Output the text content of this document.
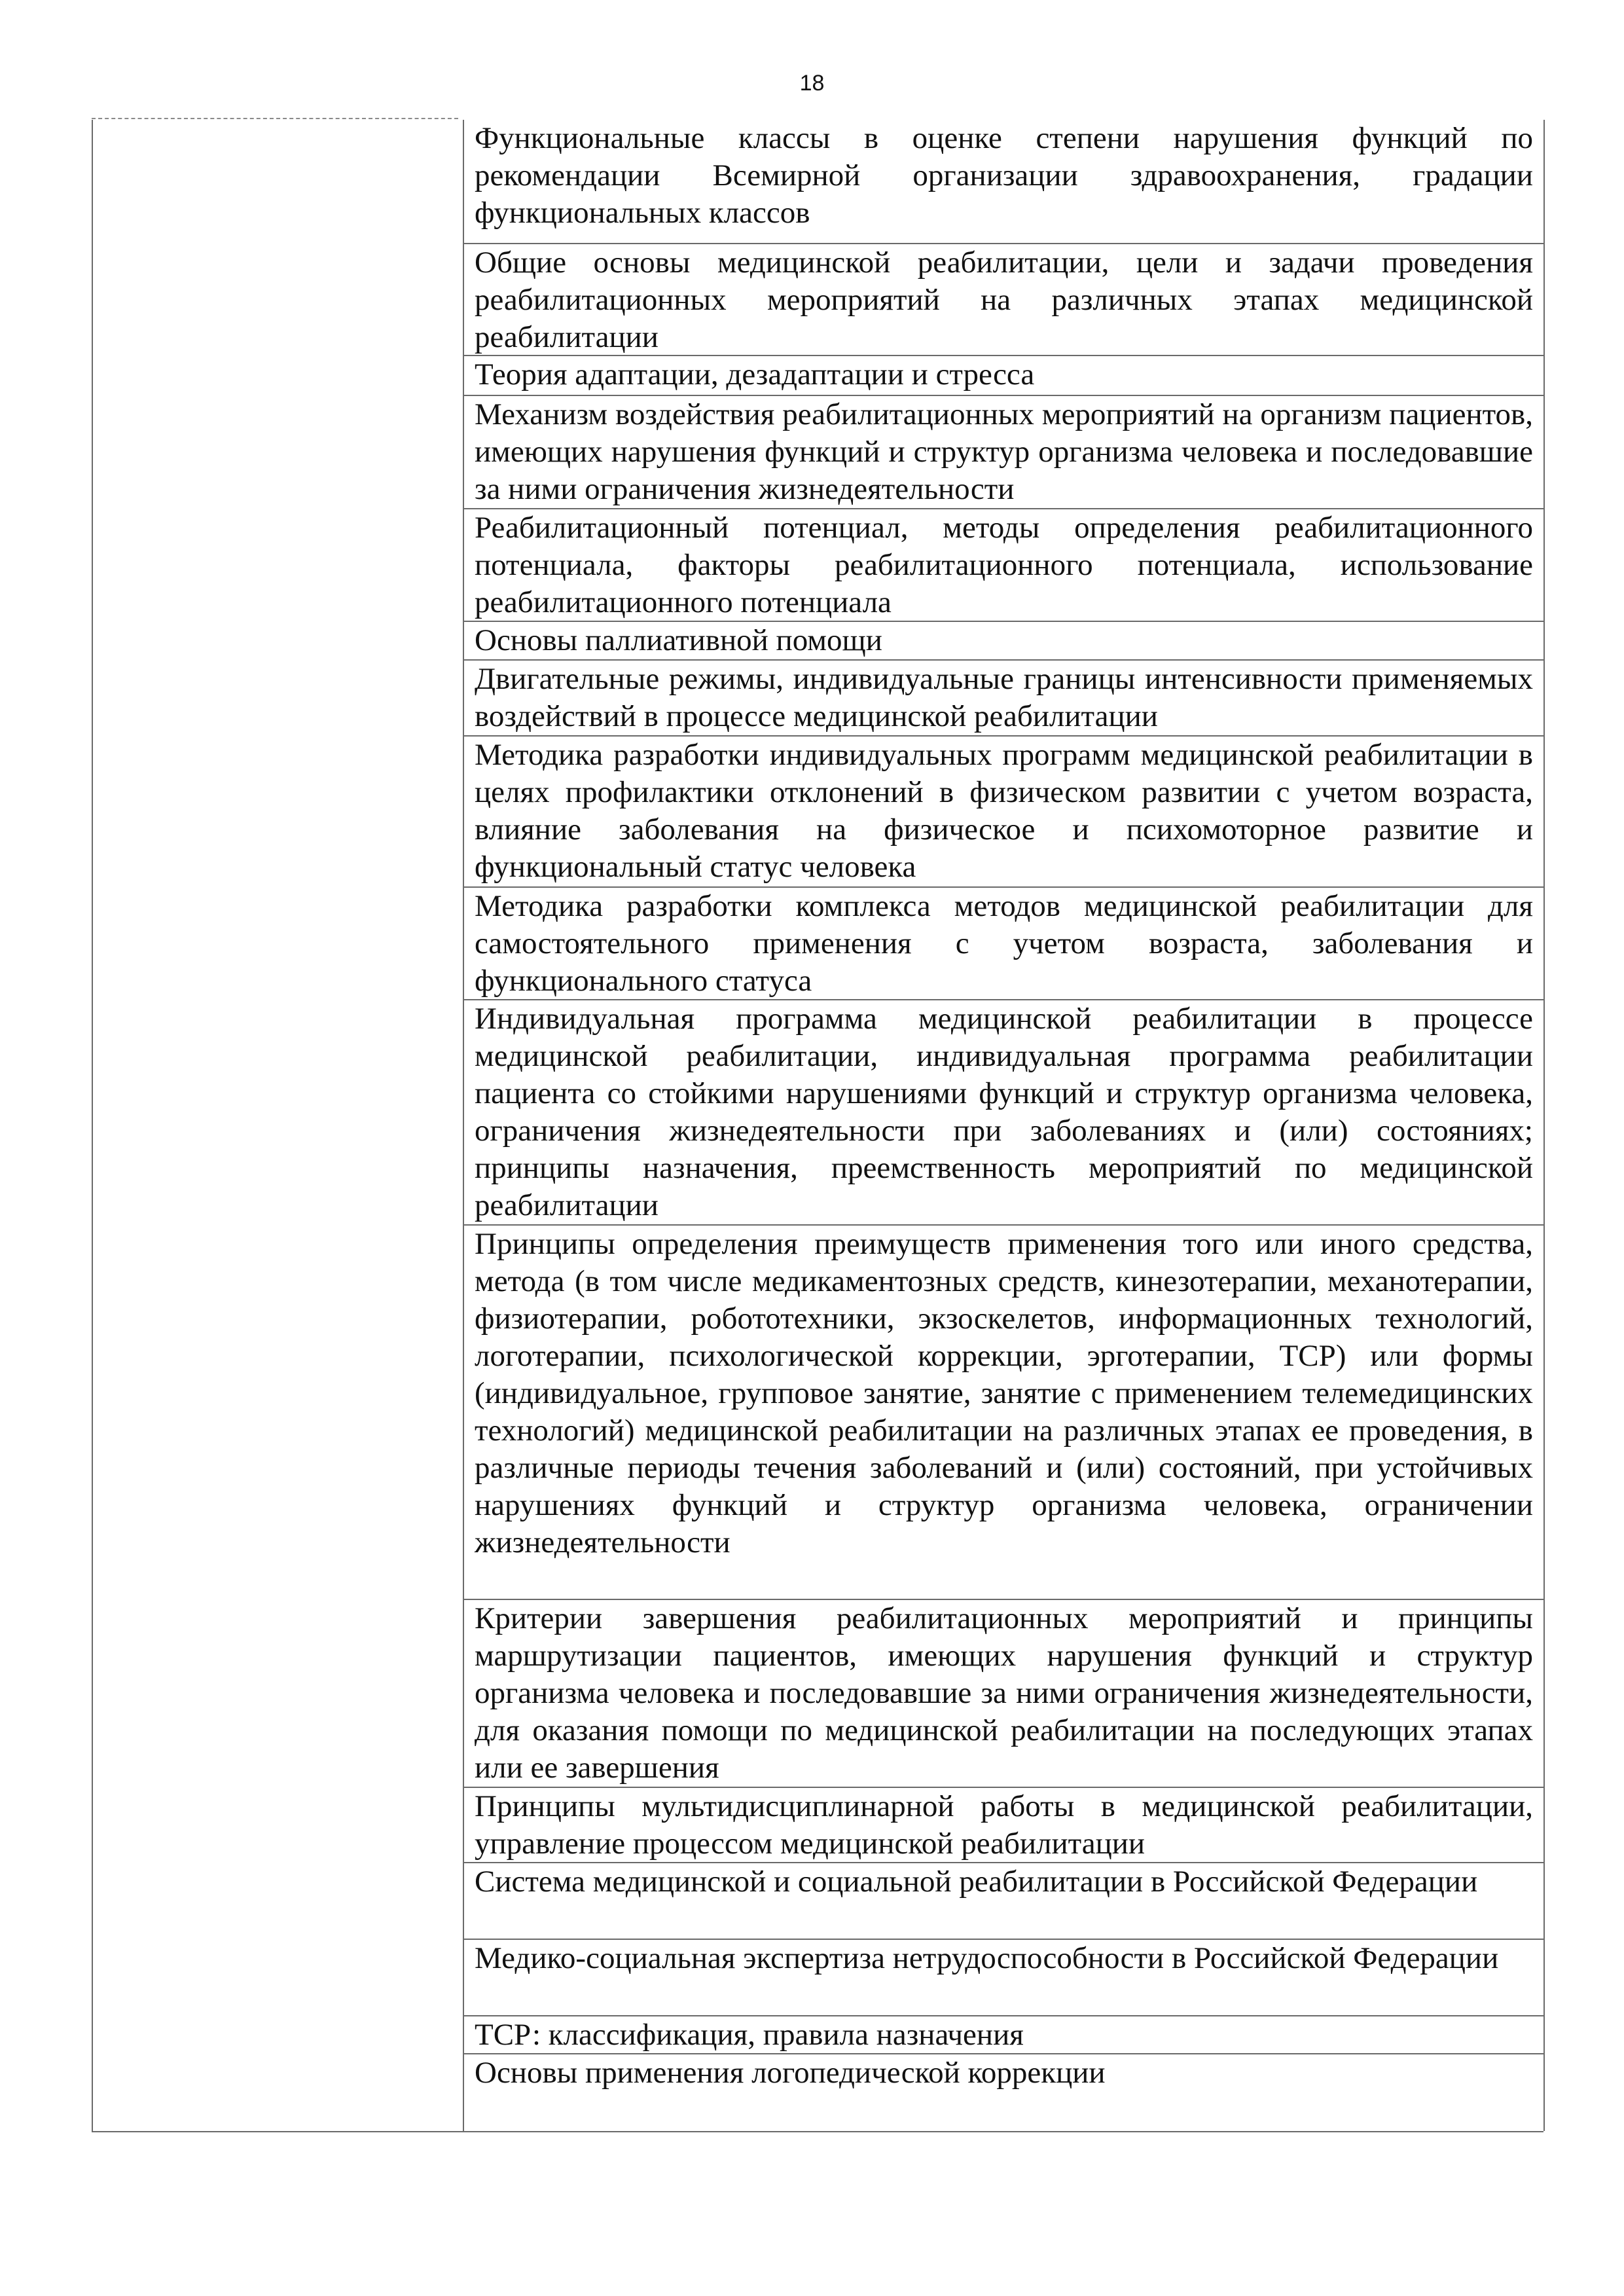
18
Функциональные классы в оценке степени нарушения функций по рекомендации Всемирной организации здравоохранения, градации функциональных классов
Общие основы медицинской реабилитации, цели и задачи проведения реабилитационных мероприятий на различных этапах медицинской реабилитации
Теория адаптации, дезадаптации и стресса
Механизм воздействия реабилитационных мероприятий на организм пациентов, имеющих нарушения функций и структур организма человека и последовавшие за ними ограничения жизнедеятельности
Реабилитационный потенциал, методы определения реабилитационного потенциала, факторы реабилитационного потенциала, использование реабилитационного потенциала
Основы паллиативной помощи
Двигательные режимы, индивидуальные границы интенсивности применяемых воздействий в процессе медицинской реабилитации
Методика разработки индивидуальных программ медицинской реабилитации в целях профилактики отклонений в физическом развитии с учетом возраста, влияние заболевания на физическое и психомоторное развитие и функциональный статус человека
Методика разработки комплекса методов медицинской реабилитации для самостоятельного применения с учетом возраста, заболевания и функционального статуса
Индивидуальная программа медицинской реабилитации в процессе медицинской реабилитации, индивидуальная программа реабилитации пациента со стойкими нарушениями функций и структур организма человека, ограничения жизнедеятельности при заболеваниях и (или) состояниях; принципы назначения, преемственность мероприятий по медицинской реабилитации
Принципы определения преимуществ применения того или иного средства, метода (в том числе медикаментозных средств, кинезотерапии, механотерапии, физиотерапии, робототехники, экзоскелетов, информационных технологий, логотерапии, психологической коррекции, эрготерапии, ТСР) или формы (индивидуальное, групповое занятие, занятие с применением телемедицинских технологий) медицинской реабилитации на различных этапах ее проведения, в различные периоды течения заболеваний и (или) состояний, при устойчивых нарушениях функций и структур организма человека, ограничении жизнедеятельности
Критерии завершения реабилитационных мероприятий и принципы маршрутизации пациентов, имеющих нарушения функций и структур организма человека и последовавшие за ними ограничения жизнедеятельности, для оказания помощи по медицинской реабилитации на последующих этапах или ее завершения
Принципы мультидисциплинарной работы в медицинской реабилитации, управление процессом медицинской реабилитации
Система медицинской и социальной реабилитации в Российской Федерации
Медико-социальная экспертиза нетрудоспособности в Российской Федерации
ТСР: классификация, правила назначения
Основы применения логопедической коррекции
